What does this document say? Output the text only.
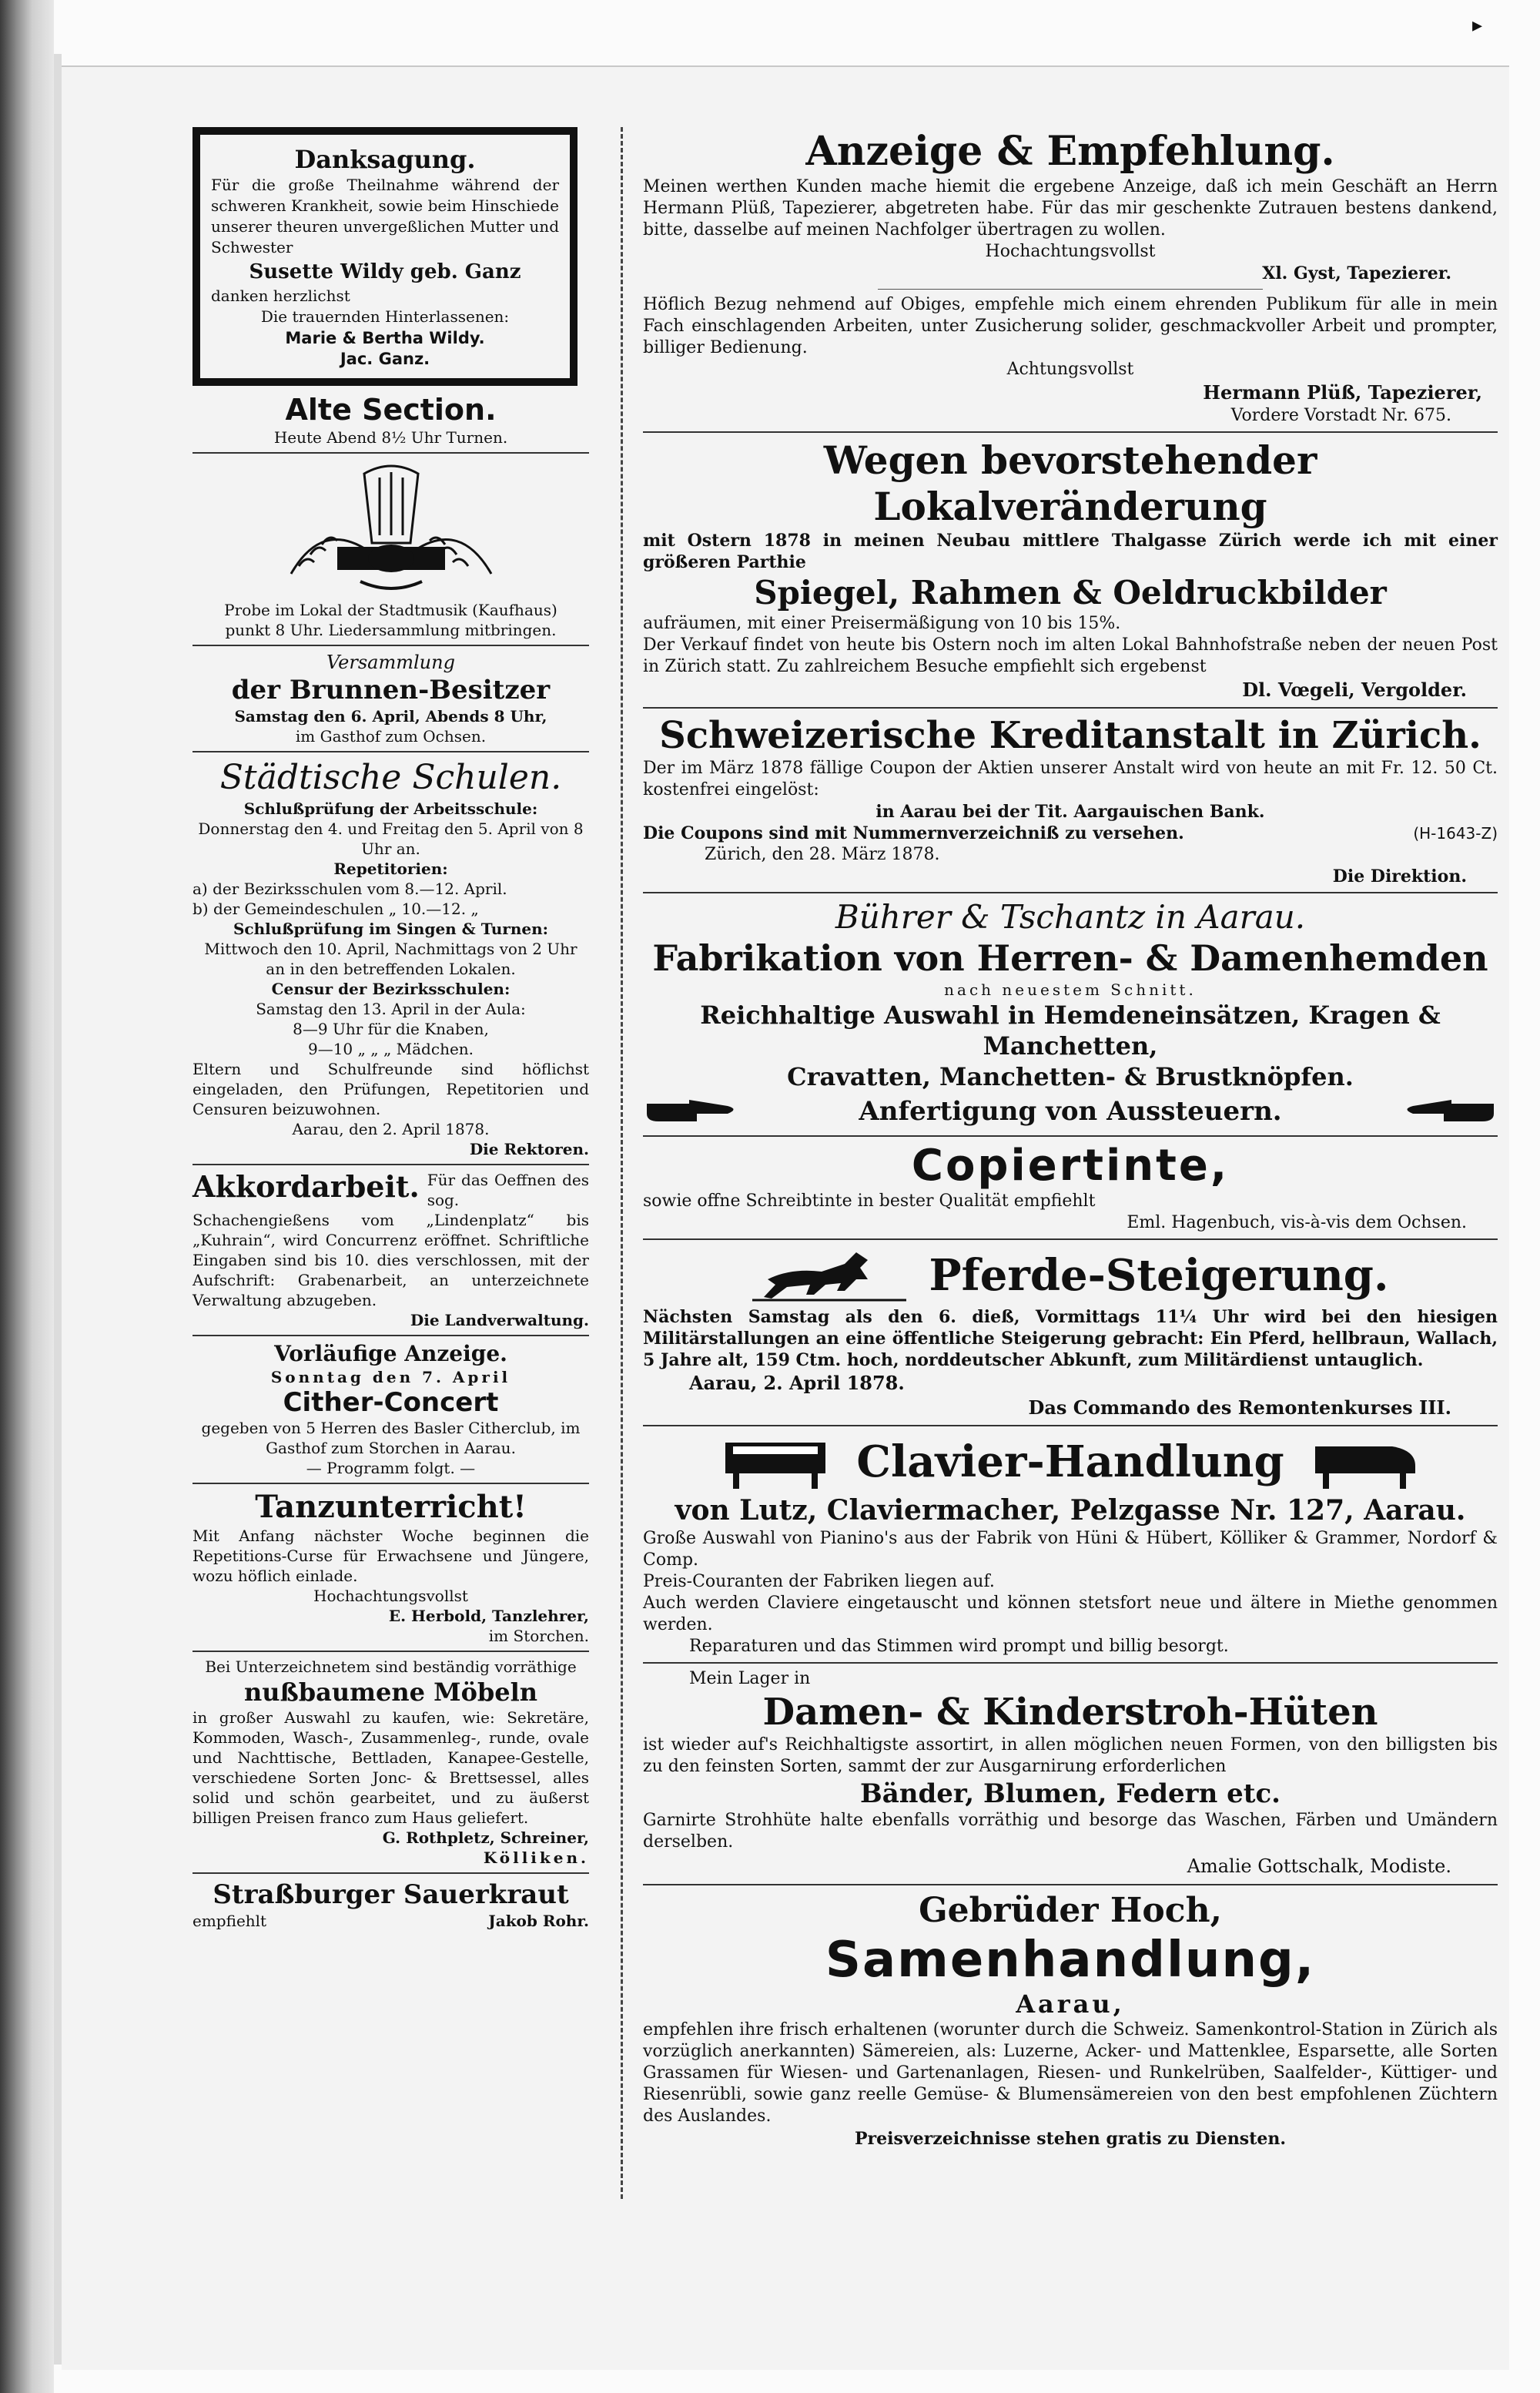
▸

Danksagung.

Für die große Theilnahme während der schweren Krankheit, sowie beim Hinschiede unserer theuren unvergeßlichen Mutter und Schwester

Susette Wildy geb. Ganz

danken herzlichst

Die trauernden Hinterlassenen:

Marie & Bertha Wildy.

Jac. Ganz.

Alte Section.

Heute Abend 8½ Uhr Turnen.

Probe im Lokal der Stadtmusik (Kaufhaus)

punkt 8 Uhr. Liedersammlung mitbringen.

Versammlung

der Brunnen-Besitzer

Samstag den 6. April, Abends 8 Uhr,

im Gasthof zum Ochsen.

Städtische Schulen.

Schlußprüfung der Arbeitsschule:

Donnerstag den 4. und Freitag den 5. April von 8 Uhr an.

Repetitorien:

a) der Bezirksschulen vom 8.—12. April.

b) der Gemeindeschulen „ 10.—12. „

Schlußprüfung im Singen & Turnen:

Mittwoch den 10. April, Nachmittags von 2 Uhr an in den betreffenden Lokalen.

Censur der Bezirksschulen:

Samstag den 13. April in der Aula:

8—9 Uhr für die Knaben,

9—10 „ „ „ Mädchen.

Eltern und Schulfreunde sind höflichst eingeladen, den Prüfungen, Repetitorien und Censuren beizuwohnen.

Aarau, den 2. April 1878.

Die Rektoren.

Akkordarbeit. Für das Oeffnen des sog. Schachengießens vom „Lindenplatz“ bis „Kuhrain“, wird Concurrenz eröffnet. Schriftliche Eingaben sind bis 10. dies verschlossen, mit der Aufschrift: Grabenarbeit, an unterzeichnete Verwaltung abzugeben.

Die Landverwaltung.

Vorläufige Anzeige.

Sonntag den 7. April

Cither-Concert

gegeben von 5 Herren des Basler Citherclub, im Gasthof zum Storchen in Aarau.

— Programm folgt. —

Tanzunterricht!

Mit Anfang nächster Woche beginnen die Repetitions-Curse für Erwachsene und Jüngere, wozu höflich einlade.

Hochachtungsvollst

E. Herbold, Tanzlehrer,

im Storchen.

Bei Unterzeichnetem sind beständig vorräthige

nußbaumene Möbeln

in großer Auswahl zu kaufen, wie: Sekretäre, Kommoden, Wasch-, Zusammenleg-, runde, ovale und Nachttische, Bettladen, Kanapee-Gestelle, verschiedene Sorten Jonc- & Brettsessel, alles solid und schön gearbeitet, und zu äußerst billigen Preisen franco zum Haus geliefert.

G. Rothpletz, Schreiner,

Kölliken.

Straßburger Sauerkraut

empfiehlt	Jakob Rohr.

Anzeige & Empfehlung.

Meinen werthen Kunden mache hiemit die ergebene Anzeige, daß ich mein Geschäft an Herrn Hermann Plüß, Tapezierer, abgetreten habe. Für das mir geschenkte Zutrauen bestens dankend, bitte, dasselbe auf meinen Nachfolger übertragen zu wollen.

Hochachtungsvollst

Xl. Gyst, Tapezierer.

Höflich Bezug nehmend auf Obiges, empfehle mich einem ehrenden Publikum für alle in mein Fach einschlagenden Arbeiten, unter Zusicherung solider, geschmackvoller Arbeit und prompter, billiger Bedienung.

Achtungsvollst

Hermann Plüß, Tapezierer,

Vordere Vorstadt Nr. 675.

Wegen bevorstehender Lokalveränderung

mit Ostern 1878 in meinen Neubau mittlere Thalgasse Zürich werde ich mit einer größeren Parthie

Spiegel, Rahmen & Oeldruckbilder

aufräumen, mit einer Preisermäßigung von 10 bis 15%.

Der Verkauf findet von heute bis Ostern noch im alten Lokal Bahnhofstraße neben der neuen Post in Zürich statt. Zu zahlreichem Besuche empfiehlt sich ergebenst

Dl. Vœgeli, Vergolder.

Schweizerische Kreditanstalt in Zürich.

Der im März 1878 fällige Coupon der Aktien unserer Anstalt wird von heute an mit Fr. 12. 50 Ct. kostenfrei eingelöst:

in Aarau bei der Tit. Aargauischen Bank.

Die Coupons sind mit Nummernverzeichniß zu versehen.	(H-1643-Z)

Zürich, den 28. März 1878.

Die Direktion.

Bührer & Tschantz in Aarau.

Fabrikation von Herren- & Damenhemden

nach neuestem Schnitt.

Reichhaltige Auswahl in Hemdeneinsätzen, Kragen & Manchetten,

Cravatten, Manchetten- & Brustknöpfen.

Anfertigung von Aussteuern.

Copiertinte,

sowie offne Schreibtinte in bester Qualität empfiehlt

Eml. Hagenbuch, vis-à-vis dem Ochsen.

Pferde-Steigerung.

Nächsten Samstag als den 6. dieß, Vormittags 11¼ Uhr wird bei den hiesigen Militärstallungen an eine öffentliche Steigerung gebracht: Ein Pferd, hellbraun, Wallach, 5 Jahre alt, 159 Ctm. hoch, norddeutscher Abkunft, zum Militärdienst untauglich.

Aarau, 2. April 1878.

Das Commando des Remontenkurses III.

Clavier-Handlung

von Lutz, Claviermacher, Pelzgasse Nr. 127, Aarau.

Große Auswahl von Pianino's aus der Fabrik von Hüni & Hübert, Kölliker & Grammer, Nordorf & Comp.

Preis-Couranten der Fabriken liegen auf.

Auch werden Claviere eingetauscht und können stetsfort neue und ältere in Miethe genommen werden.

Reparaturen und das Stimmen wird prompt und billig besorgt.

Mein Lager in

Damen- & Kinderstroh-Hüten

ist wieder auf's Reichhaltigste assortirt, in allen möglichen neuen Formen, von den billigsten bis zu den feinsten Sorten, sammt der zur Ausgarnirung erforderlichen

Bänder, Blumen, Federn etc.

Garnirte Strohhüte halte ebenfalls vorräthig und besorge das Waschen, Färben und Umändern derselben.

Amalie Gottschalk, Modiste.

Gebrüder Hoch,

Samenhandlung,

Aarau,

empfehlen ihre frisch erhaltenen (worunter durch die Schweiz. Samenkontrol-Station in Zürich als vorzüglich anerkannten) Sämereien, als: Luzerne, Acker- und Mattenklee, Esparsette, alle Sorten Grassamen für Wiesen- und Gartenanlagen, Riesen- und Runkelrüben, Saalfelder-, Küttiger- und Riesenrübli, sowie ganz reelle Gemüse- & Blumensämereien von den best empfohlenen Züchtern des Auslandes.

Preisverzeichnisse stehen gratis zu Diensten.
